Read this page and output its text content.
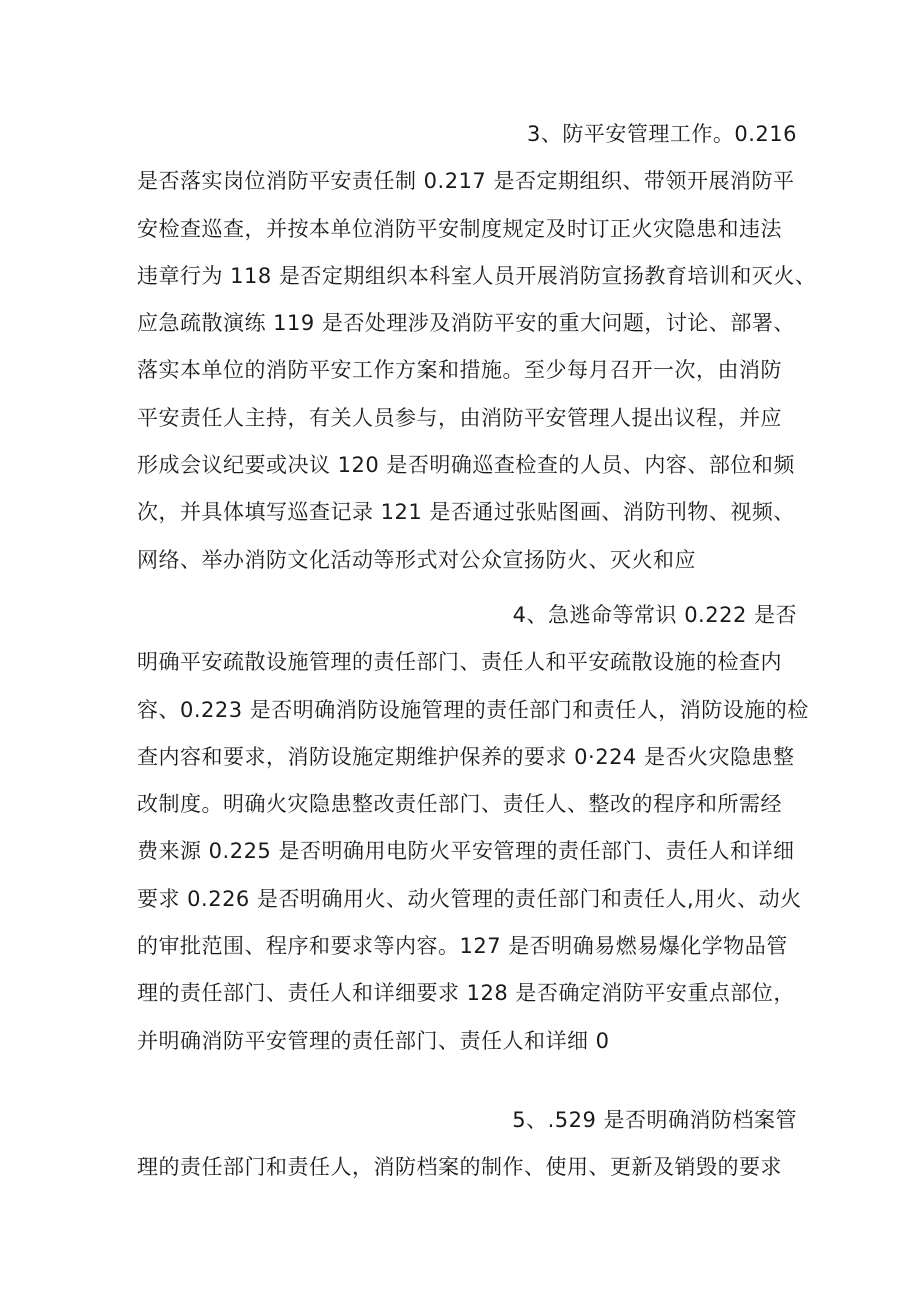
3、防平安管理工作。0.216
是否落实岗位消防平安责任制 0.217 是否定期组织、带领开展消防平
安检查巡查，并按本单位消防平安制度规定及时订正火灾隐患和违法
违章行为 118 是否定期组织本科室人员开展消防宣扬教育培训和灭火、
应急疏散演练 119 是否处理涉及消防平安的重大问题，讨论、部署、
落实本单位的消防平安工作方案和措施。至少每月召开一次，由消防
平安责任人主持，有关人员参与，由消防平安管理人提出议程，并应
形成会议纪要或决议 120 是否明确巡查检查的人员、内容、部位和频
次，并具体填写巡查记录 121 是否通过张贴图画、消防刊物、视频、
网络、举办消防文化活动等形式对公众宣扬防火、灭火和应
4、急逃命等常识 0.222 是否
明确平安疏散设施管理的责任部门、责任人和平安疏散设施的检查内
容、0.223 是否明确消防设施管理的责任部门和责任人，消防设施的检
查内容和要求，消防设施定期维护保养的要求 0·224 是否火灾隐患整
改制度。明确火灾隐患整改责任部门、责任人、整改的程序和所需经
费来源 0.225 是否明确用电防火平安管理的责任部门、责任人和详细
要求 0.226 是否明确用火、动火管理的责任部门和责任人,用火、动火
的审批范围、程序和要求等内容。127 是否明确易燃易爆化学物品管
理的责任部门、责任人和详细要求 128 是否确定消防平安重点部位，
并明确消防平安管理的责任部门、责任人和详细 0
5、.529 是否明确消防档案管
理的责任部门和责任人，消防档案的制作、使用、更新及销毁的要求
